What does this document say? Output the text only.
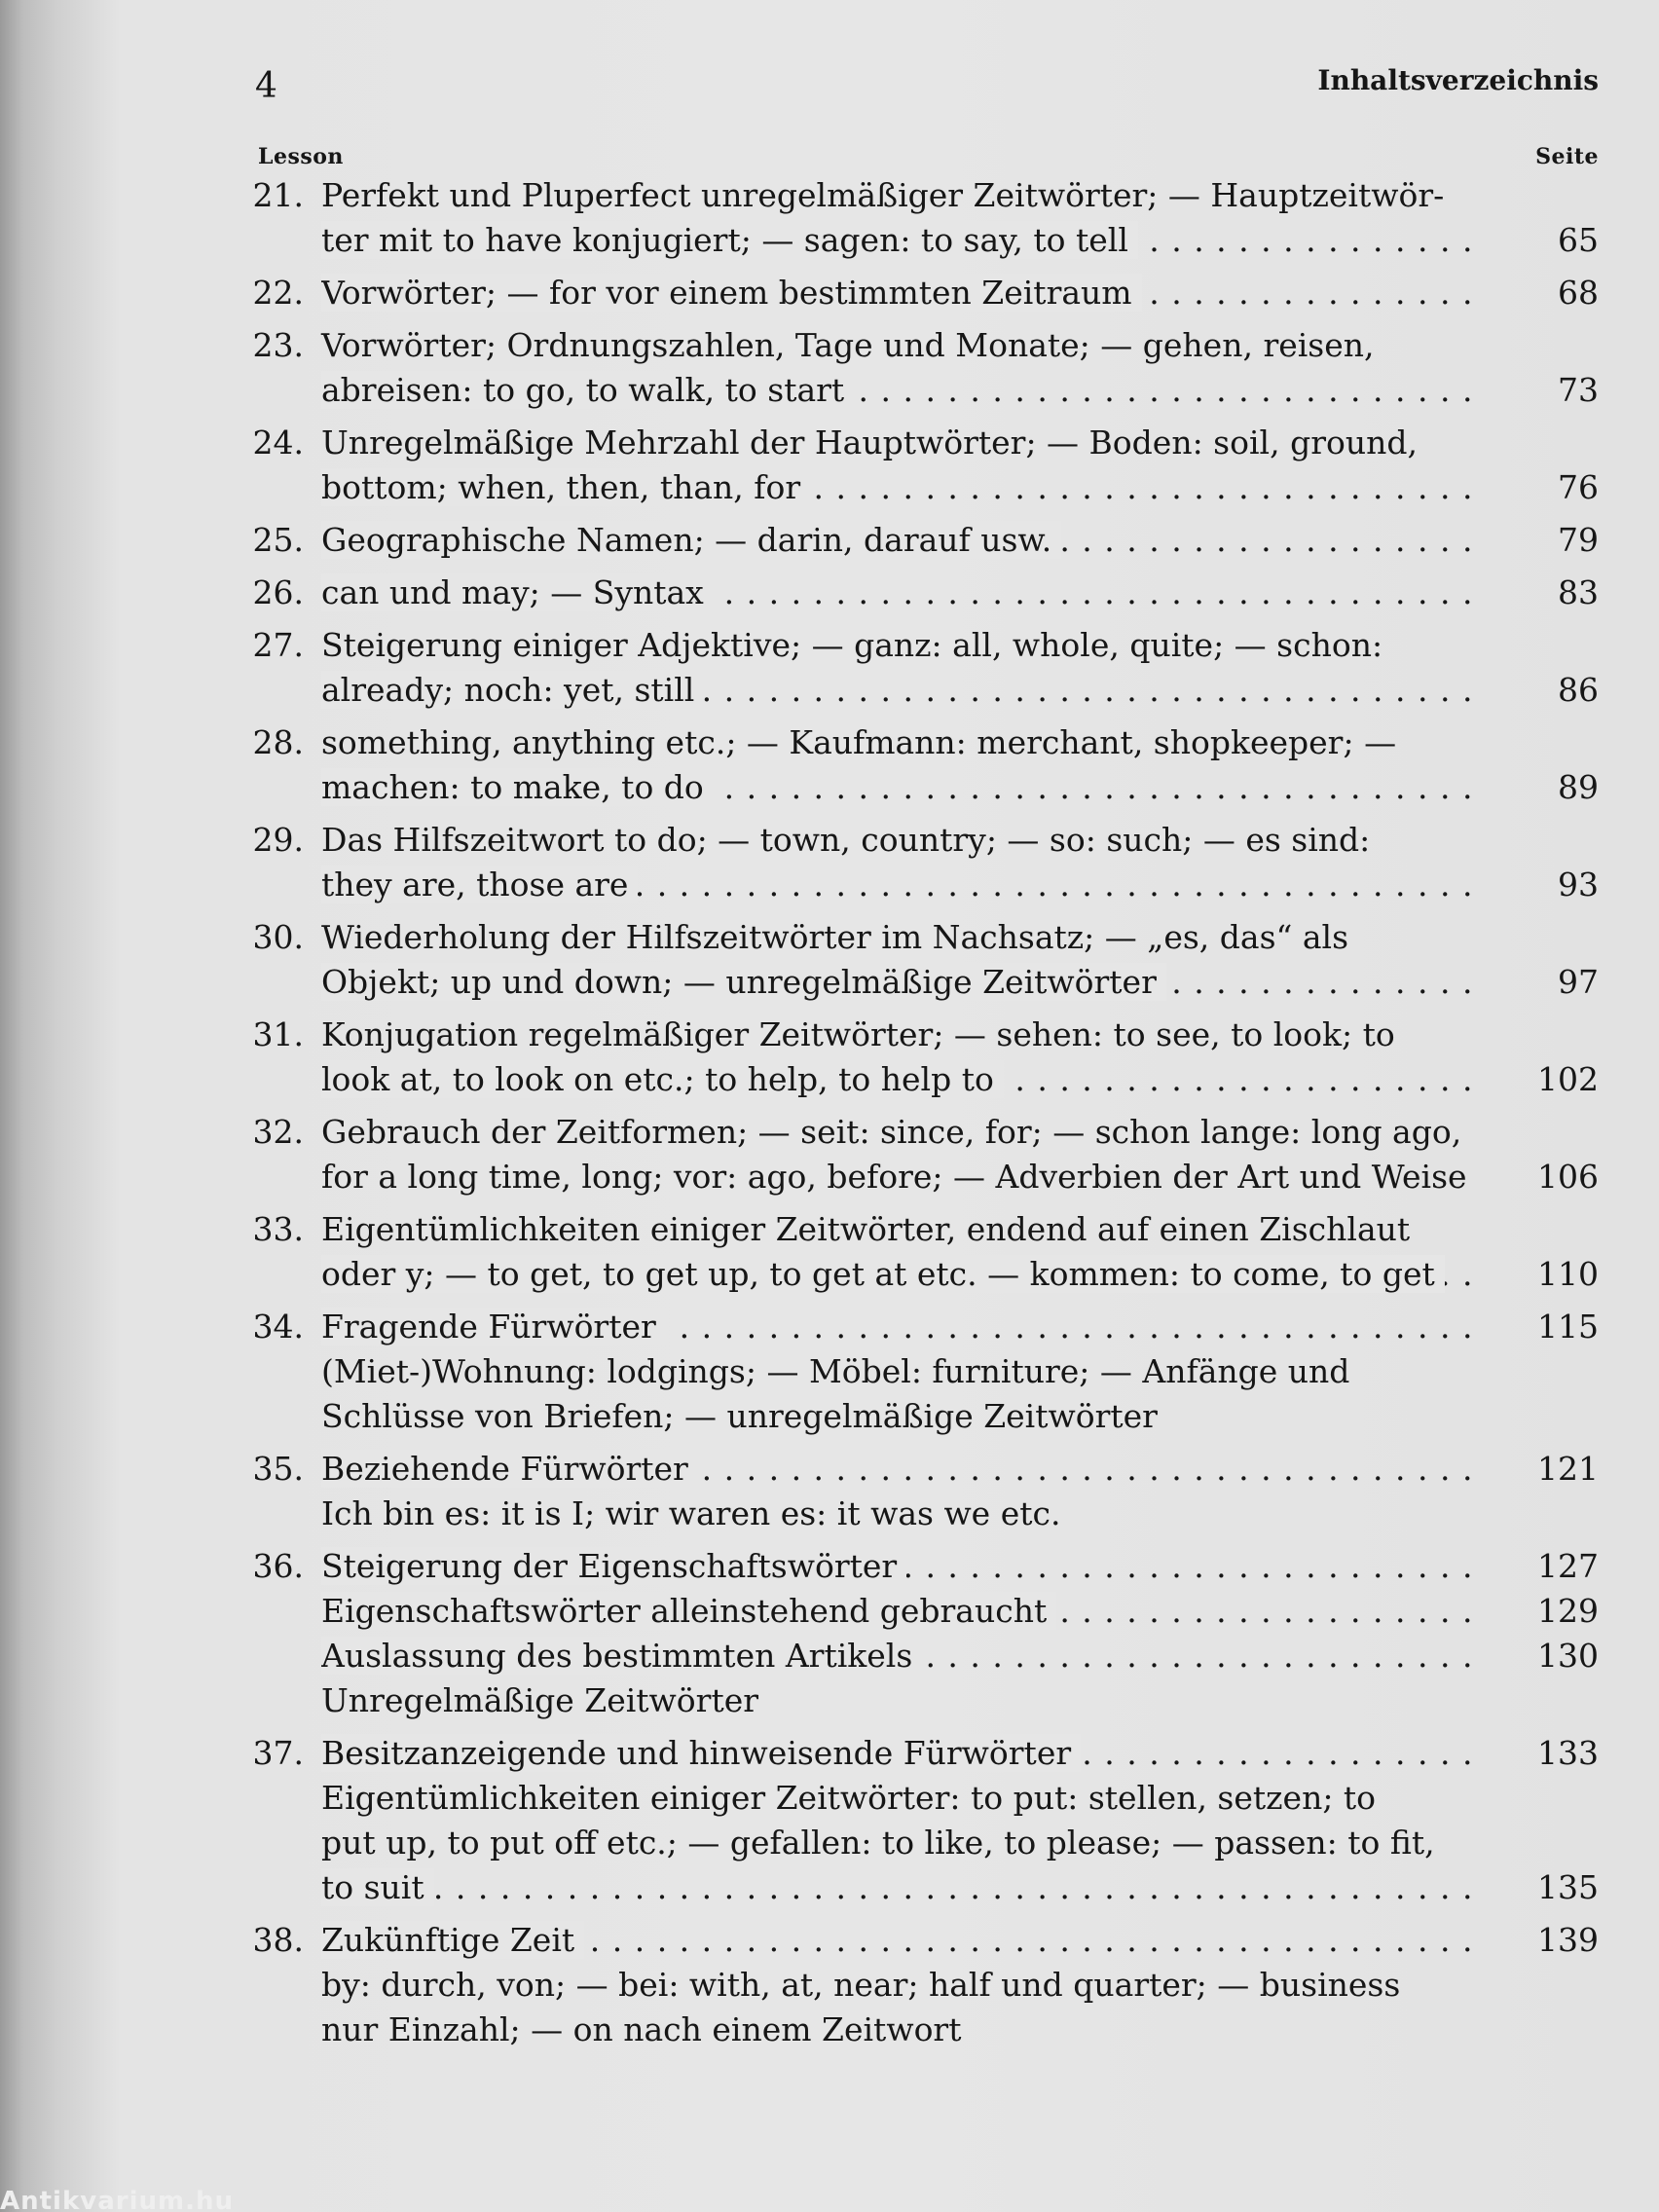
4	Inhaltsverzeichnis
Lesson	Seite
21. Perfekt und Pluperfect unregelmäßiger Zeitwörter; — Hauptzeitwör-
ter mit to have konjugiert; — sagen: to say, to tell . . .	65
22. Vorwörter; — for vor einem bestimmten Zeitraum . . .	68
23. Vorwörter; Ordnungszahlen, Tage und Monate; — gehen, reisen,
abreisen: to go, to walk, to start . . .	73
24. Unregelmäßige Mehrzahl der Hauptwörter; — Boden: soil, ground,
bottom; when, then, than, for . . .	76
25. Geographische Namen; — darin, darauf usw. . . .	79
26. can und may; — Syntax . . .	83
27. Steigerung einiger Adjektive; — ganz: all, whole, quite; — schon:
already; noch: yet, still . . .	86
28. something, anything etc.; — Kaufmann: merchant, shopkeeper; —
machen: to make, to do . . .	89
29. Das Hilfszeitwort to do; — town, country; — so: such; — es sind:
they are, those are . . .	93
30. Wiederholung der Hilfszeitwörter im Nachsatz; — „es, das“ als
Objekt; up und down; — unregelmäßige Zeitwörter . . .	97
31. Konjugation regelmäßiger Zeitwörter; — sehen: to see, to look; to
look at, to look on etc.; to help, to help to . . .	102
32. Gebrauch der Zeitformen; — seit: since, for; — schon lange: long ago,
for a long time, long; vor: ago, before; — Adverbien der Art und Weise	106
33. Eigentümlichkeiten einiger Zeitwörter, endend auf einen Zischlaut
oder y; — to get, to get up, to get at etc. — kommen: to come, to get . . .	110
34. Fragende Fürwörter . . .	115
(Miet-)Wohnung: lodgings; — Möbel: furniture; — Anfänge und
Schlüsse von Briefen; — unregelmäßige Zeitwörter
35. Beziehende Fürwörter . . .	121
Ich bin es: it is I; wir waren es: it was we etc.
36. Steigerung der Eigenschaftswörter . . .	127
Eigenschaftswörter alleinstehend gebraucht . . .	129
Auslassung des bestimmten Artikels . . .	130
Unregelmäßige Zeitwörter
37. Besitzanzeigende und hinweisende Fürwörter . . .	133
Eigentümlichkeiten einiger Zeitwörter: to put: stellen, setzen; to
put up, to put off etc.; — gefallen: to like, to please; — passen: to fit,
to suit . . .	135
38. Zukünftige Zeit . . .	139
by: durch, von; — bei: with, at, near; half und quarter; — business
nur Einzahl; — on nach einem Zeitwort
Antikvarium.hu
